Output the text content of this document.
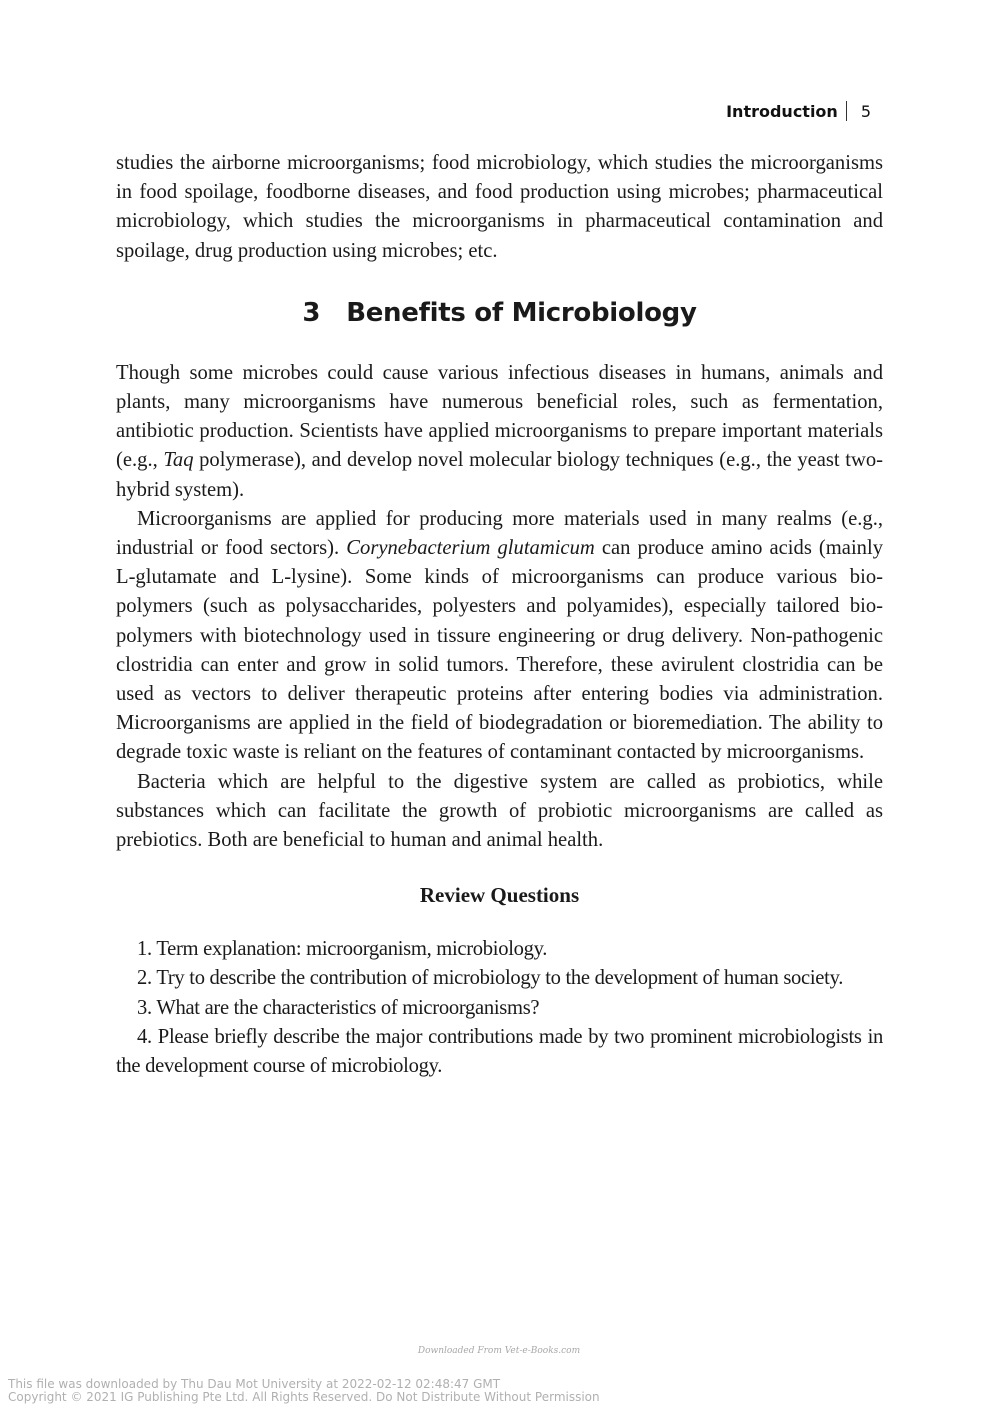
Introduction 5

studies the airborne microorganisms; food microbiology, which studies the microorganisms in food spoilage, foodborne diseases, and food production using microbes; pharmaceutical microbiology, which studies the microorganisms in pharmaceutical contamination and spoilage, drug production using microbes; etc.

3 Benefits of Microbiology

Though some microbes could cause various infectious diseases in humans, animals and plants, many microorganisms have numerous beneficial roles, such as fermentation, antibiotic production. Scientists have applied microorganisms to prepare important materials (e.g., Taq polymerase), and develop novel molecular biology techniques (e.g., the yeast two-hybrid system).

Microorganisms are applied for producing more materials used in many realms (e.g., industrial or food sectors). Corynebacterium glutamicum can produce amino acids (mainly L-glutamate and L-lysine). Some kinds of microorganisms can produce various bio-polymers (such as polysaccharides, polyesters and polyamides), especially tailored bio-polymers with biotechnology used in tissure engineering or drug delivery. Non-pathogenic clostridia can enter and grow in solid tumors. Therefore, these avirulent clostridia can be used as vectors to deliver therapeutic proteins after entering bodies via administration. Microorganisms are applied in the field of biodegradation or bioremediation. The ability to degrade toxic waste is reliant on the features of contaminant contacted by microorganisms.

Bacteria which are helpful to the digestive system are called as probiotics, while substances which can facilitate the growth of probiotic microorganisms are called as prebiotics. Both are beneficial to human and animal health.

Review Questions
1. Term explanation: microorganism, microbiology.
2. Try to describe the contribution of microbiology to the development of human society.
3. What are the characteristics of microorganisms?
4. Please briefly describe the major contributions made by two prominent microbiologists in the development course of microbiology.
Downloaded From Vet-e-Books.com
This file was downloaded by Thu Dau Mot University at 2022-02-12 02:48:47 GMT
Copyright © 2021 IG Publishing Pte Ltd. All Rights Reserved. Do Not Distribute Without Permission
